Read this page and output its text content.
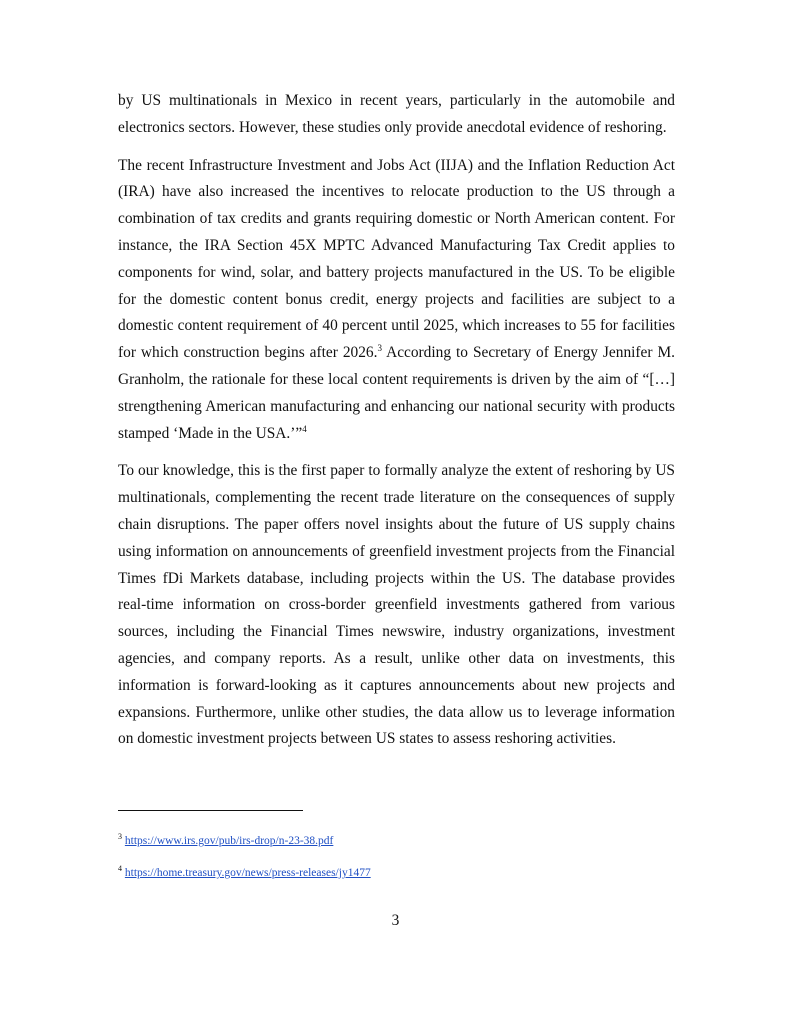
by US multinationals in Mexico in recent years, particularly in the automobile and electronics sectors. However, these studies only provide anecdotal evidence of reshoring.

The recent Infrastructure Investment and Jobs Act (IIJA) and the Inflation Reduction Act (IRA) have also increased the incentives to relocate production to the US through a combination of tax credits and grants requiring domestic or North American content. For instance, the IRA Section 45X MPTC Advanced Manufacturing Tax Credit applies to components for wind, solar, and battery projects manufactured in the US. To be eligible for the domestic content bonus credit, energy projects and facilities are subject to a domestic content requirement of 40 percent until 2025, which increases to 55 for facilities for which construction begins after 2026.$^3$ According to Secretary of Energy Jennifer M. Granholm, the rationale for these local content requirements is driven by the aim of “[…] strengthening American manufacturing and enhancing our national security with products stamped ‘Made in the USA.’”$^4$

To our knowledge, this is the first paper to formally analyze the extent of reshoring by US multinationals, complementing the recent trade literature on the consequences of supply chain disruptions. The paper offers novel insights about the future of US supply chains using information on announcements of greenfield investment projects from the Financial Times fDi Markets database, including projects within the US. The database provides real-time information on cross-border greenfield investments gathered from various sources, including the Financial Times newswire, industry organizations, investment agencies, and company reports. As a result, unlike other data on investments, this information is forward-looking as it captures announcements about new projects and expansions. Furthermore, unlike other studies, the data allow us to leverage information on domestic investment projects between US states to assess reshoring activities.

$^3$ https://www.irs.gov/pub/irs-drop/n-23-38.pdf
$^4$ https://home.treasury.gov/news/press-releases/jy1477
3
